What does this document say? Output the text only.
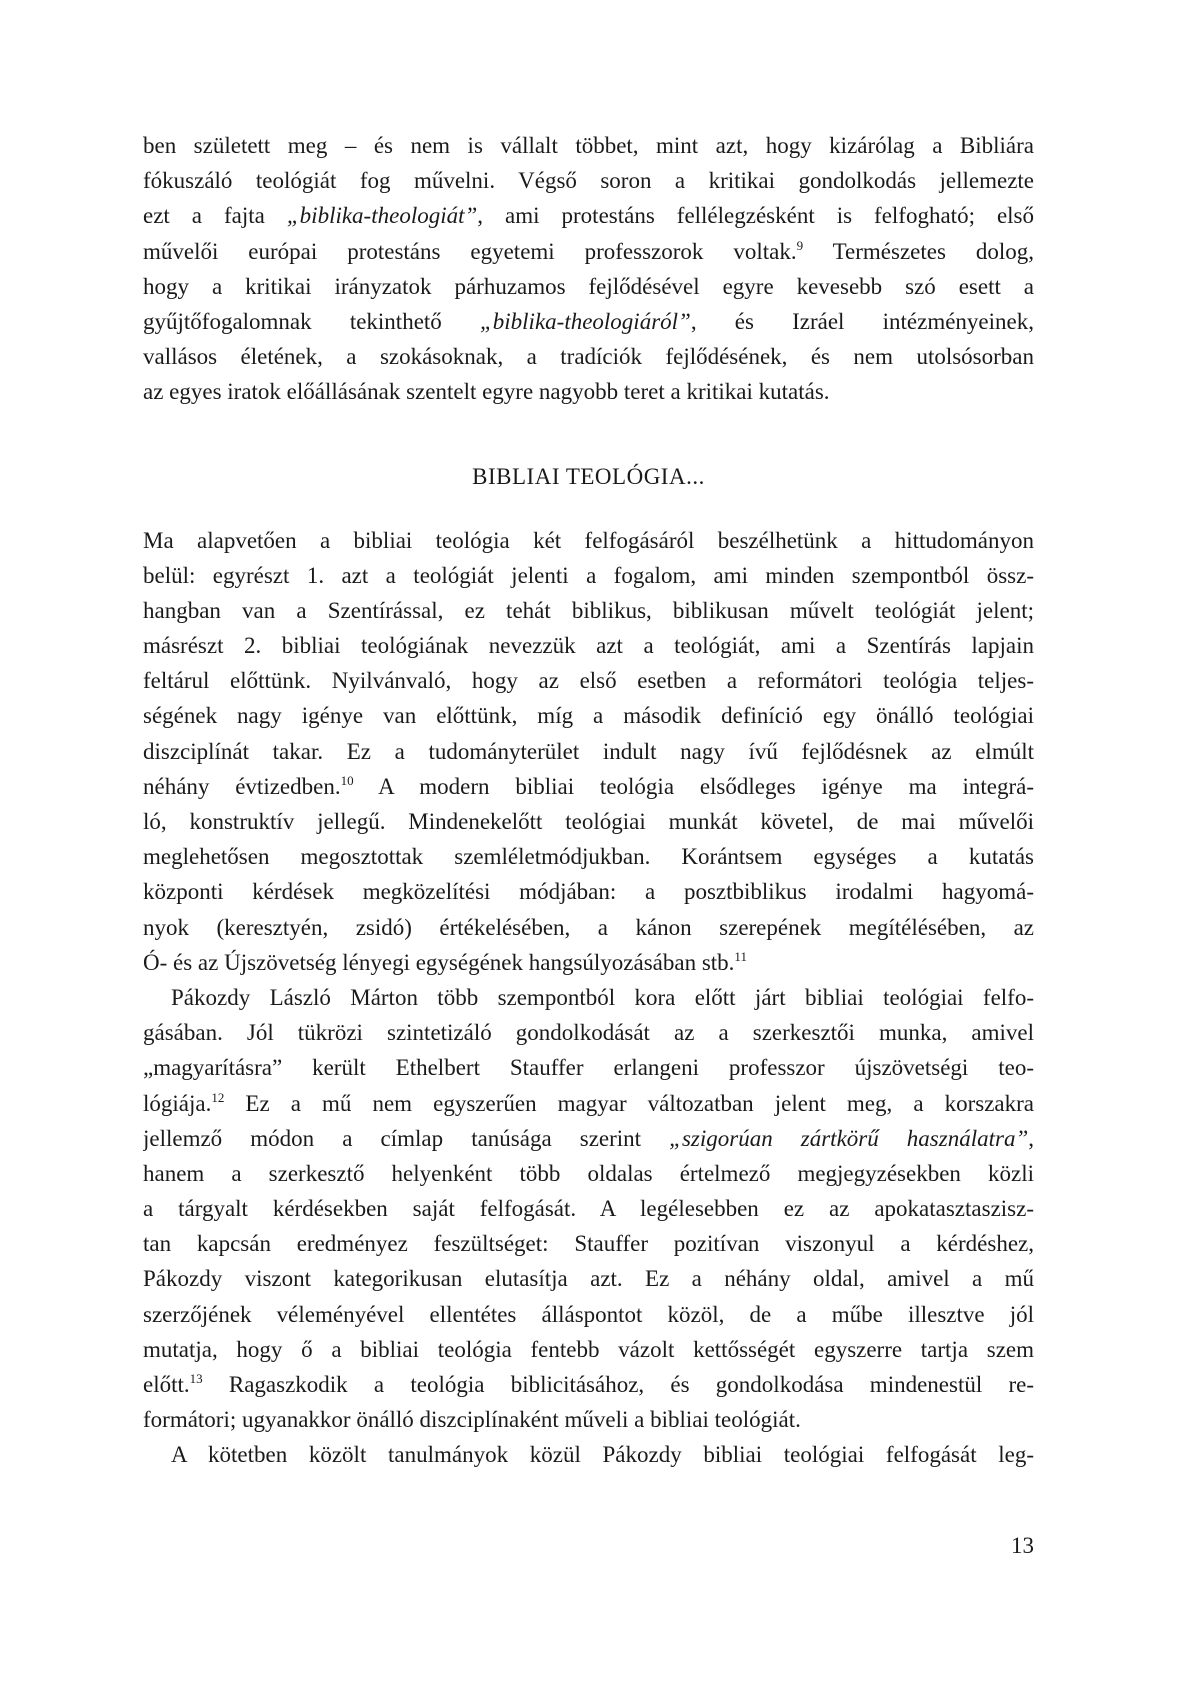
ben született meg – és nem is vállalt többet, mint azt, hogy kizárólag a Bibliára
fókuszáló teológiát fog művelni. Végső soron a kritikai gondolkodás jellemezte
ezt a fajta „biblika-theologiát”, ami protestáns fellélegzésként is felfogható; első
művelői európai protestáns egyetemi professzorok voltak.$^9$ Természetes dolog,
hogy a kritikai irányzatok párhuzamos fejlődésével egyre kevesebb szó esett a
gyűjtőfogalomnak tekinthető „biblika-theologiáról”, és Izráel intézményeinek,
vallásos életének, a szokásoknak, a tradíciók fejlődésének, és nem utolsósorban
az egyes iratok előállásának szentelt egyre nagyobb teret a kritikai kutatás.
BIBLIAI TEOLÓGIA...
Ma alapvetően a bibliai teológia két felfogásáról beszélhetünk a hittudományon
belül: egyrészt 1. azt a teológiát jelenti a fogalom, ami minden szempontból össz-
hangban van a Szentírással, ez tehát biblikus, biblikusan művelt teológiát jelent;
másrészt 2. bibliai teológiának nevezzük azt a teológiát, ami a Szentírás lapjain
feltárul előttünk. Nyilvánvaló, hogy az első esetben a reformátori teológia teljes-
ségének nagy igénye van előttünk, míg a második definíció egy önálló teológiai
diszciplínát takar. Ez a tudományterület indult nagy ívű fejlődésnek az elmúlt
néhány évtizedben.$^{10}$ A modern bibliai teológia elsődleges igénye ma integrá-
ló, konstruktív jellegű. Mindenekelőtt teológiai munkát követel, de mai művelői
meglehetősen megosztottak szemléletmódjukban. Korántsem egységes a kutatás
központi kérdések megközelítési módjában: a posztbiblikus irodalmi hagyomá-
nyok (keresztyén, zsidó) értékelésében, a kánon szerepének megítélésében, az
Ó- és az Újszövetség lényegi egységének hangsúlyozásában stb.$^{11}$
Pákozdy László Márton több szempontból kora előtt járt bibliai teológiai felfo-
gásában. Jól tükrözi szintetizáló gondolkodását az a szerkesztői munka, amivel
„magyarításra” került Ethelbert Stauffer erlangeni professzor újszövetségi teo-
lógiája.$^{12}$ Ez a mű nem egyszerűen magyar változatban jelent meg, a korszakra
jellemző módon a címlap tanúsága szerint „szigorúan zártkörű használatra”,
hanem a szerkesztő helyenként több oldalas értelmező megjegyzésekben közli
a tárgyalt kérdésekben saját felfogását. A legélesebben ez az apokatasztaszisz-
tan kapcsán eredményez feszültséget: Stauffer pozitívan viszonyul a kérdéshez,
Pákozdy viszont kategorikusan elutasítja azt. Ez a néhány oldal, amivel a mű
szerzőjének véleményével ellentétes álláspontot közöl, de a műbe illesztve jól
mutatja, hogy ő a bibliai teológia fentebb vázolt kettősségét egyszerre tartja szem
előtt.$^{13}$ Ragaszkodik a teológia biblicitásához, és gondolkodása mindenestül re-
formátori; ugyanakkor önálló diszciplínaként műveli a bibliai teológiát.
A kötetben közölt tanulmányok közül Pákozdy bibliai teológiai felfogását leg-
13
